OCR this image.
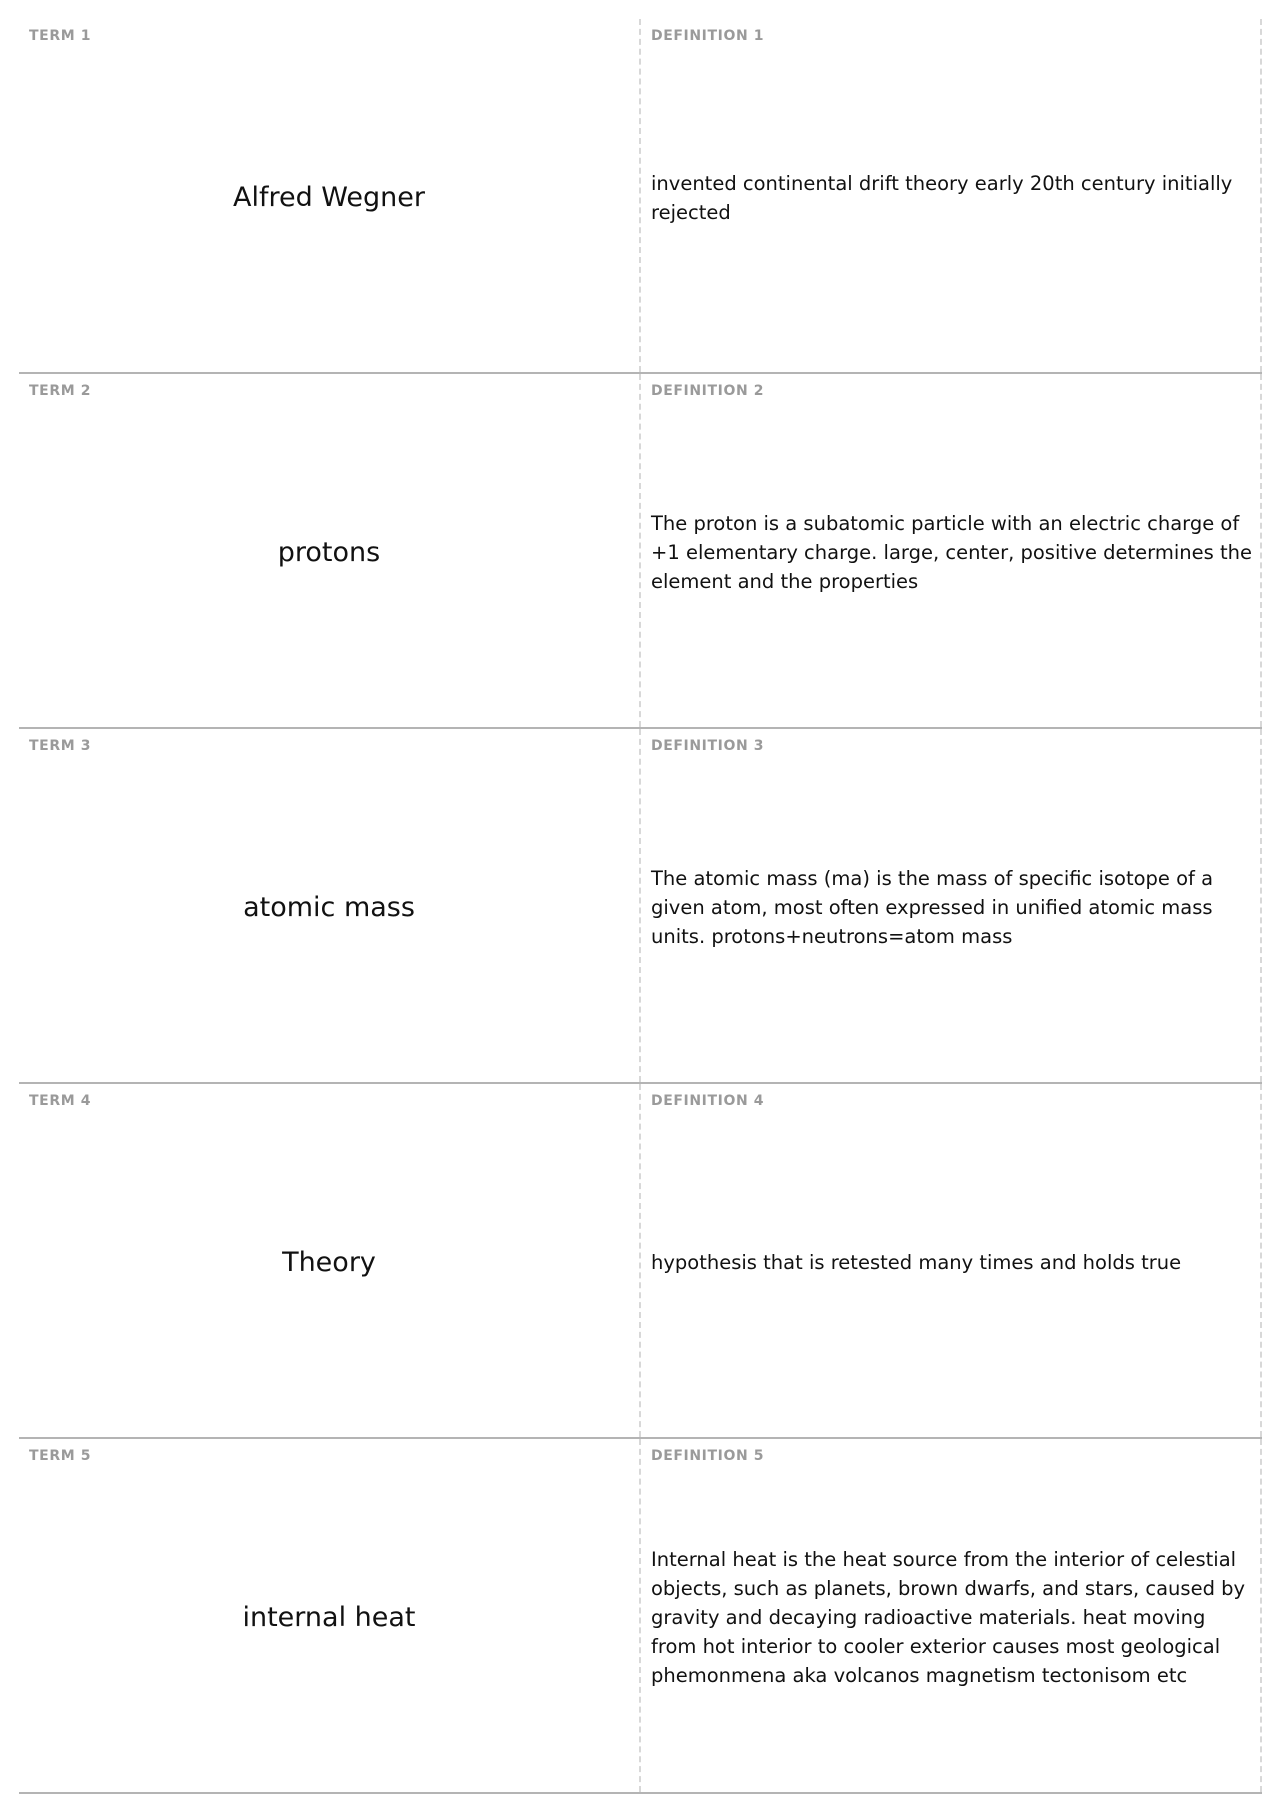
TERM 1
Alfred Wegner
DEFINITION 1
invented continental drift theory early 20th century initially rejected
TERM 2
protons
DEFINITION 2
The proton is a subatomic particle with an electric charge of +1 elementary charge. large, center, positive determines the element and the properties
TERM 3
atomic mass
DEFINITION 3
The atomic mass (ma) is the mass of specific isotope of a given atom, most often expressed in unified atomic mass units. protons+neutrons=atom mass
TERM 4
Theory
DEFINITION 4
hypothesis that is retested many times and holds true
TERM 5
internal heat
DEFINITION 5
Internal heat is the heat source from the interior of celestial objects, such as planets, brown dwarfs, and stars, caused by gravity and decaying radioactive materials. heat moving from hot interior to cooler exterior causes most geological phemonmena aka volcanos magnetism tectonisom etc
